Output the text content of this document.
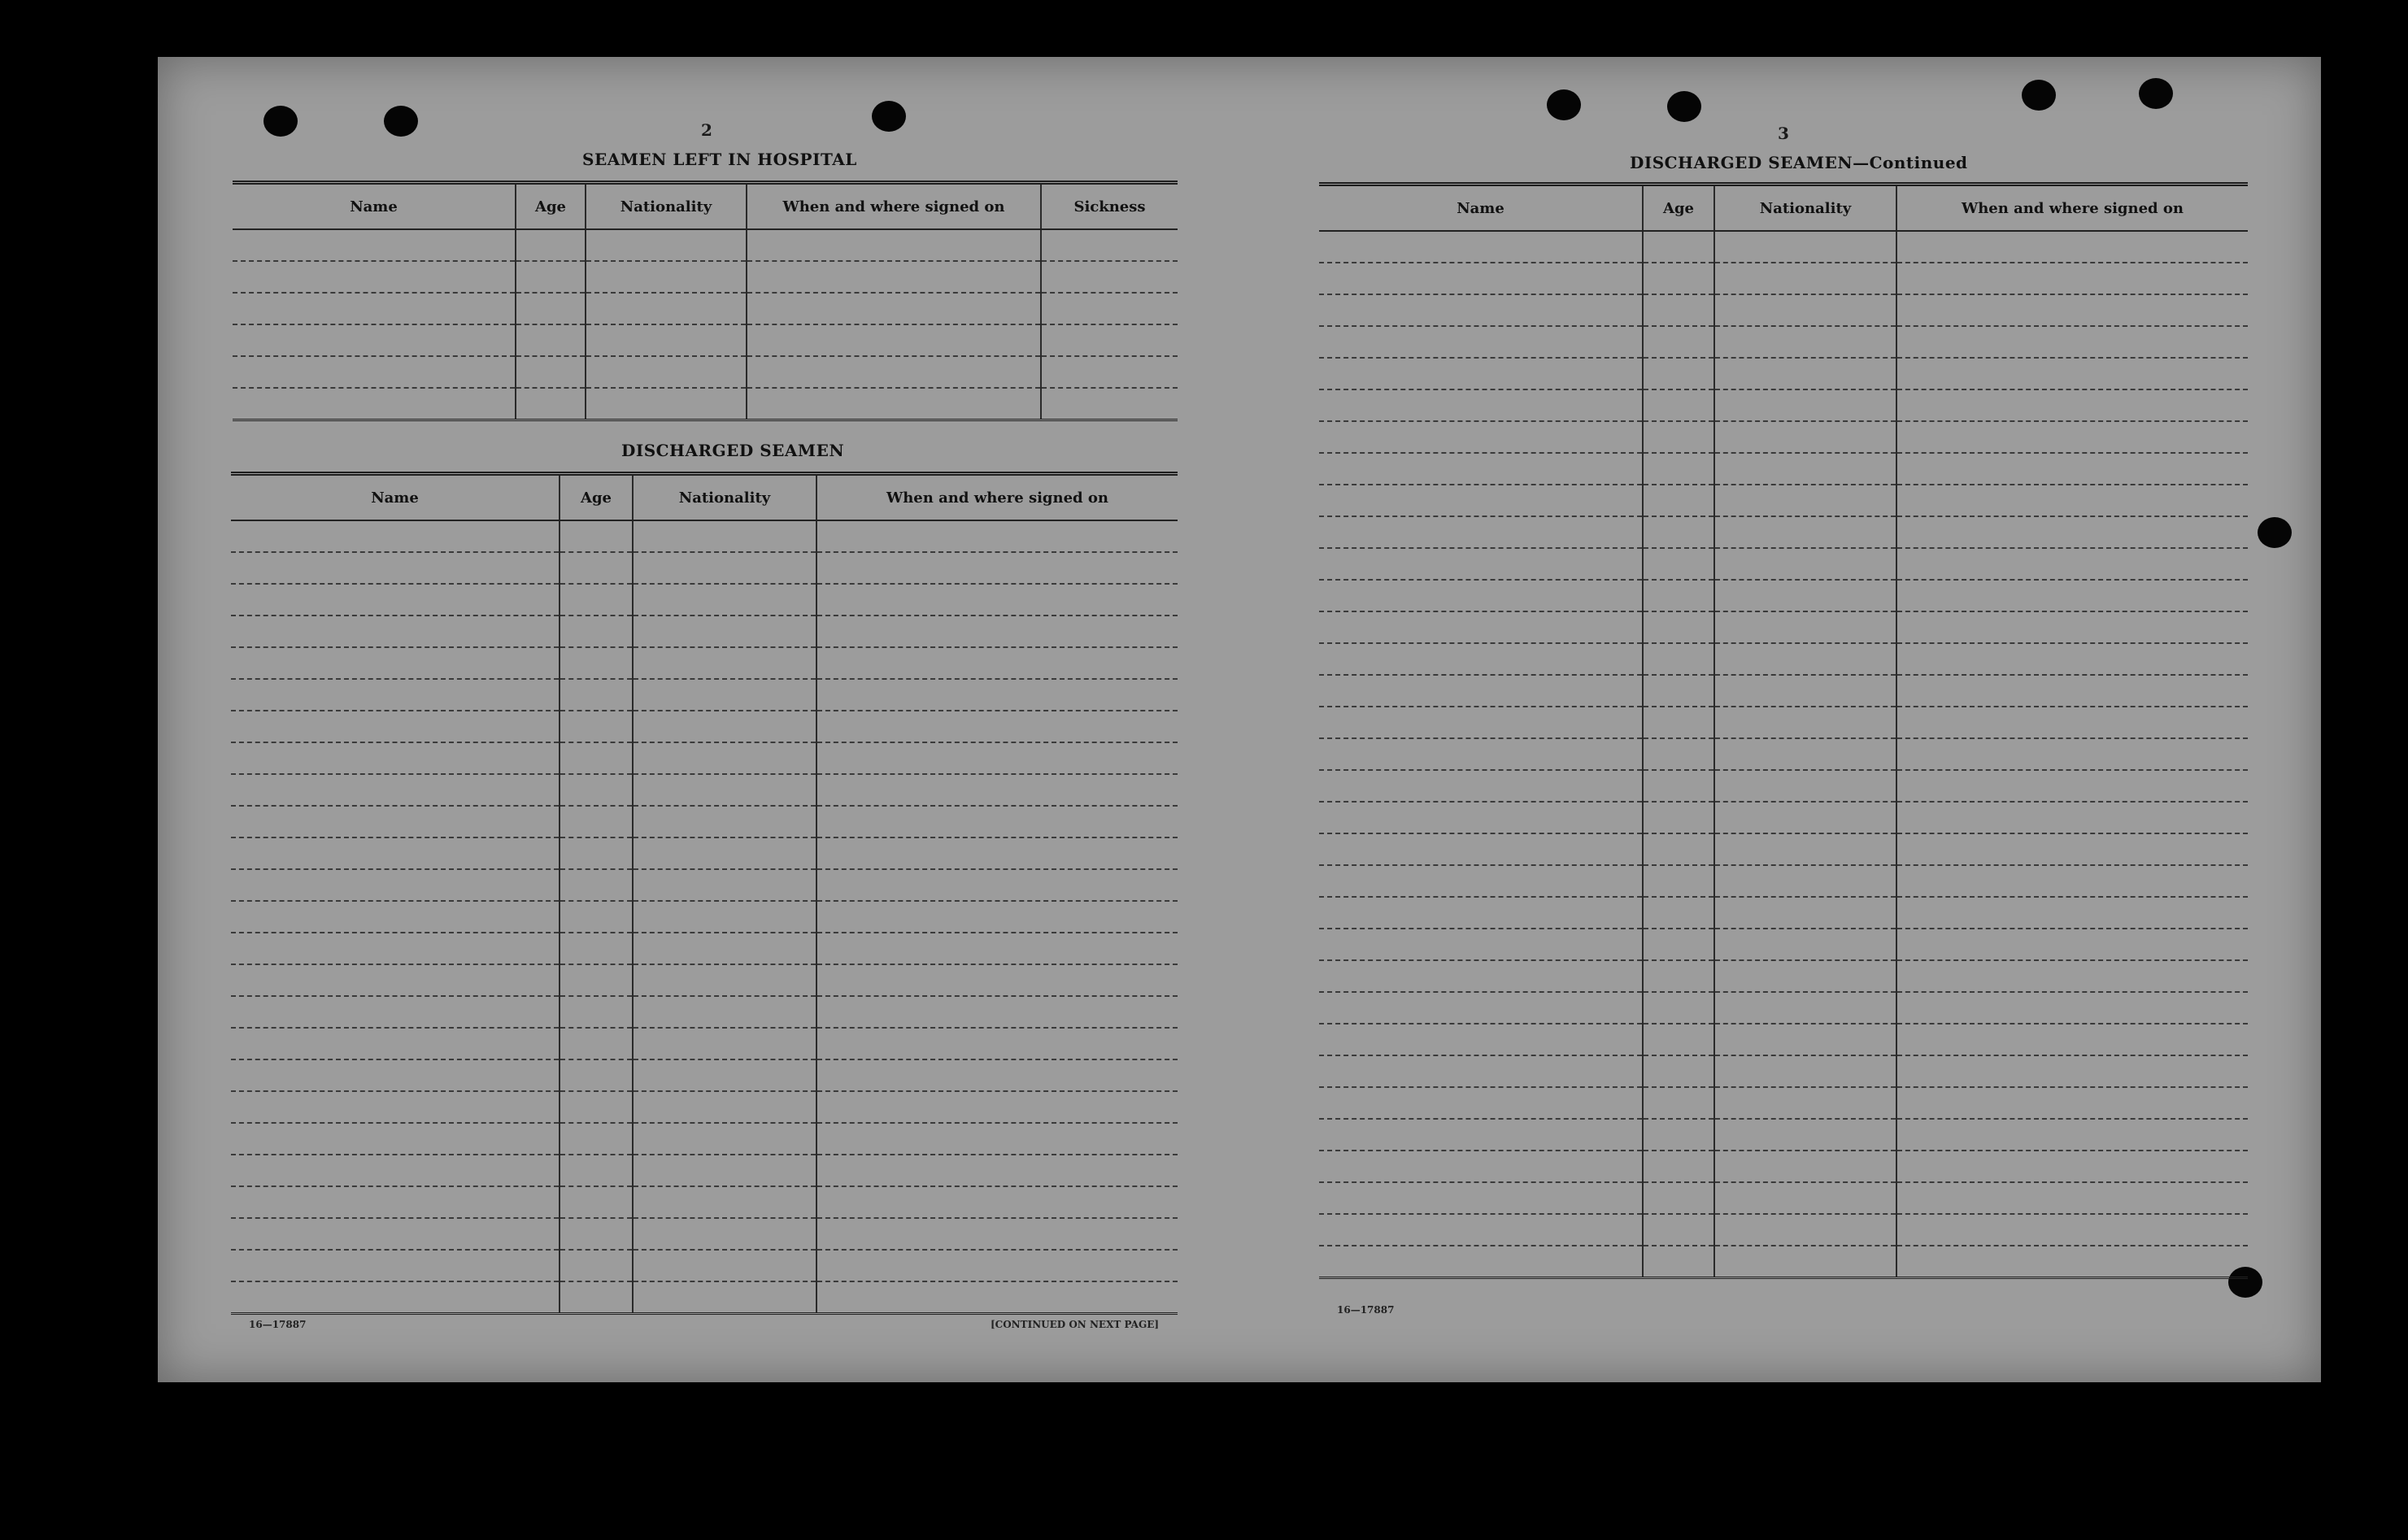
2
SEAMEN LEFT IN HOSPITAL
Name	Age	Nationality	When and where signed on	Sickness

DISCHARGED SEAMEN
Name	Age	Nationality	When and where signed on

16—17887	[CONTINUED ON NEXT PAGE]
3
DISCHARGED SEAMEN—Continued
Name	Age	Nationality	When and where signed on

16—17887
